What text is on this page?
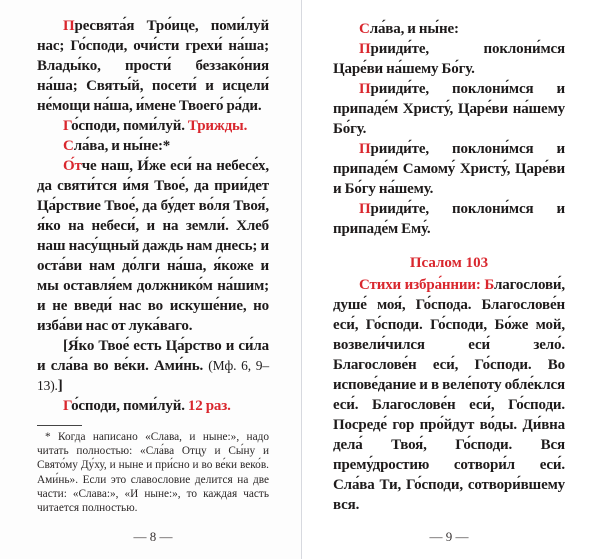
Пресвята́я Тро́ице, поми́луй нас; Го́споди, очи́сти грехи́ на́ша; Влады́ко, прости́ беззако́ния на́ша; Святы́й, посети́ и исцели́ не́мощи на́ша, и́мене Твоего́ ра́ди.

Го́споди, поми́луй. Трижды.

Сла́ва, и ны́не:*

О́тче наш, И́же еси́ на небесе́х, да святи́тся и́мя Твое́, да прии́дет Ца́рствие Твое́, да бу́дет во́ля Твоя́, я́ко на небеси́, и на земли́. Хлеб наш насу́щный даждь нам днесь; и оста́ви нам до́лги на́ша, я́коже и мы оставля́ем должнико́м на́шим; и не введи́ нас во искуше́ние, но изба́ви нас от лука́ваго.

[Я́ко Твое́ есть Ца́рство и си́ла и сла́ва во ве́ки. Ами́нь. (Мф. 6, 9–13).]

Го́споди, поми́луй. 12 раз.

* Когда написано «Слава, и ныне:», надо читать полностью: «Сла́ва Отцу и Сы́ну и Свято́му Ду́ху, и ныне и при́сно и во ве́ки веко́в. Ами́нь». Если это славословие делится на две части: «Слава:», «И ныне:», то каждая часть читается полностью.

— 8 —

Сла́ва, и ны́не:

Прииди́те, поклони́мся Царе́ви на́шему Бо́гу.

Прииди́те, поклони́мся и припаде́м Христу́, Царе́ви на́шему Бо́гу.

Прииди́те, поклони́мся и припаде́м Самому́ Христу́, Царе́ви и Бо́гу на́шему.

Прииди́те, поклони́мся и припаде́м Ему́.

Псалом 103

Стихи избра́ннии: Благослови́, душе́ моя́, Го́спода. Благослове́н еси́, Го́споди. Го́споди, Бо́же мой, возвели́чился еси́ зело́. Благослове́н еси́, Го́споди. Во испове́дание и в веле́поту обле́клся еси́. Благослове́н еси́, Го́споди. Посреде́ гор про́йдут во́ды. Ди́вна дела́ Твоя́, Го́споди. Вся прему́дростию сотвори́л еси́. Сла́ва Ти, Го́споди, сотвори́вшему вся.

— 9 —
